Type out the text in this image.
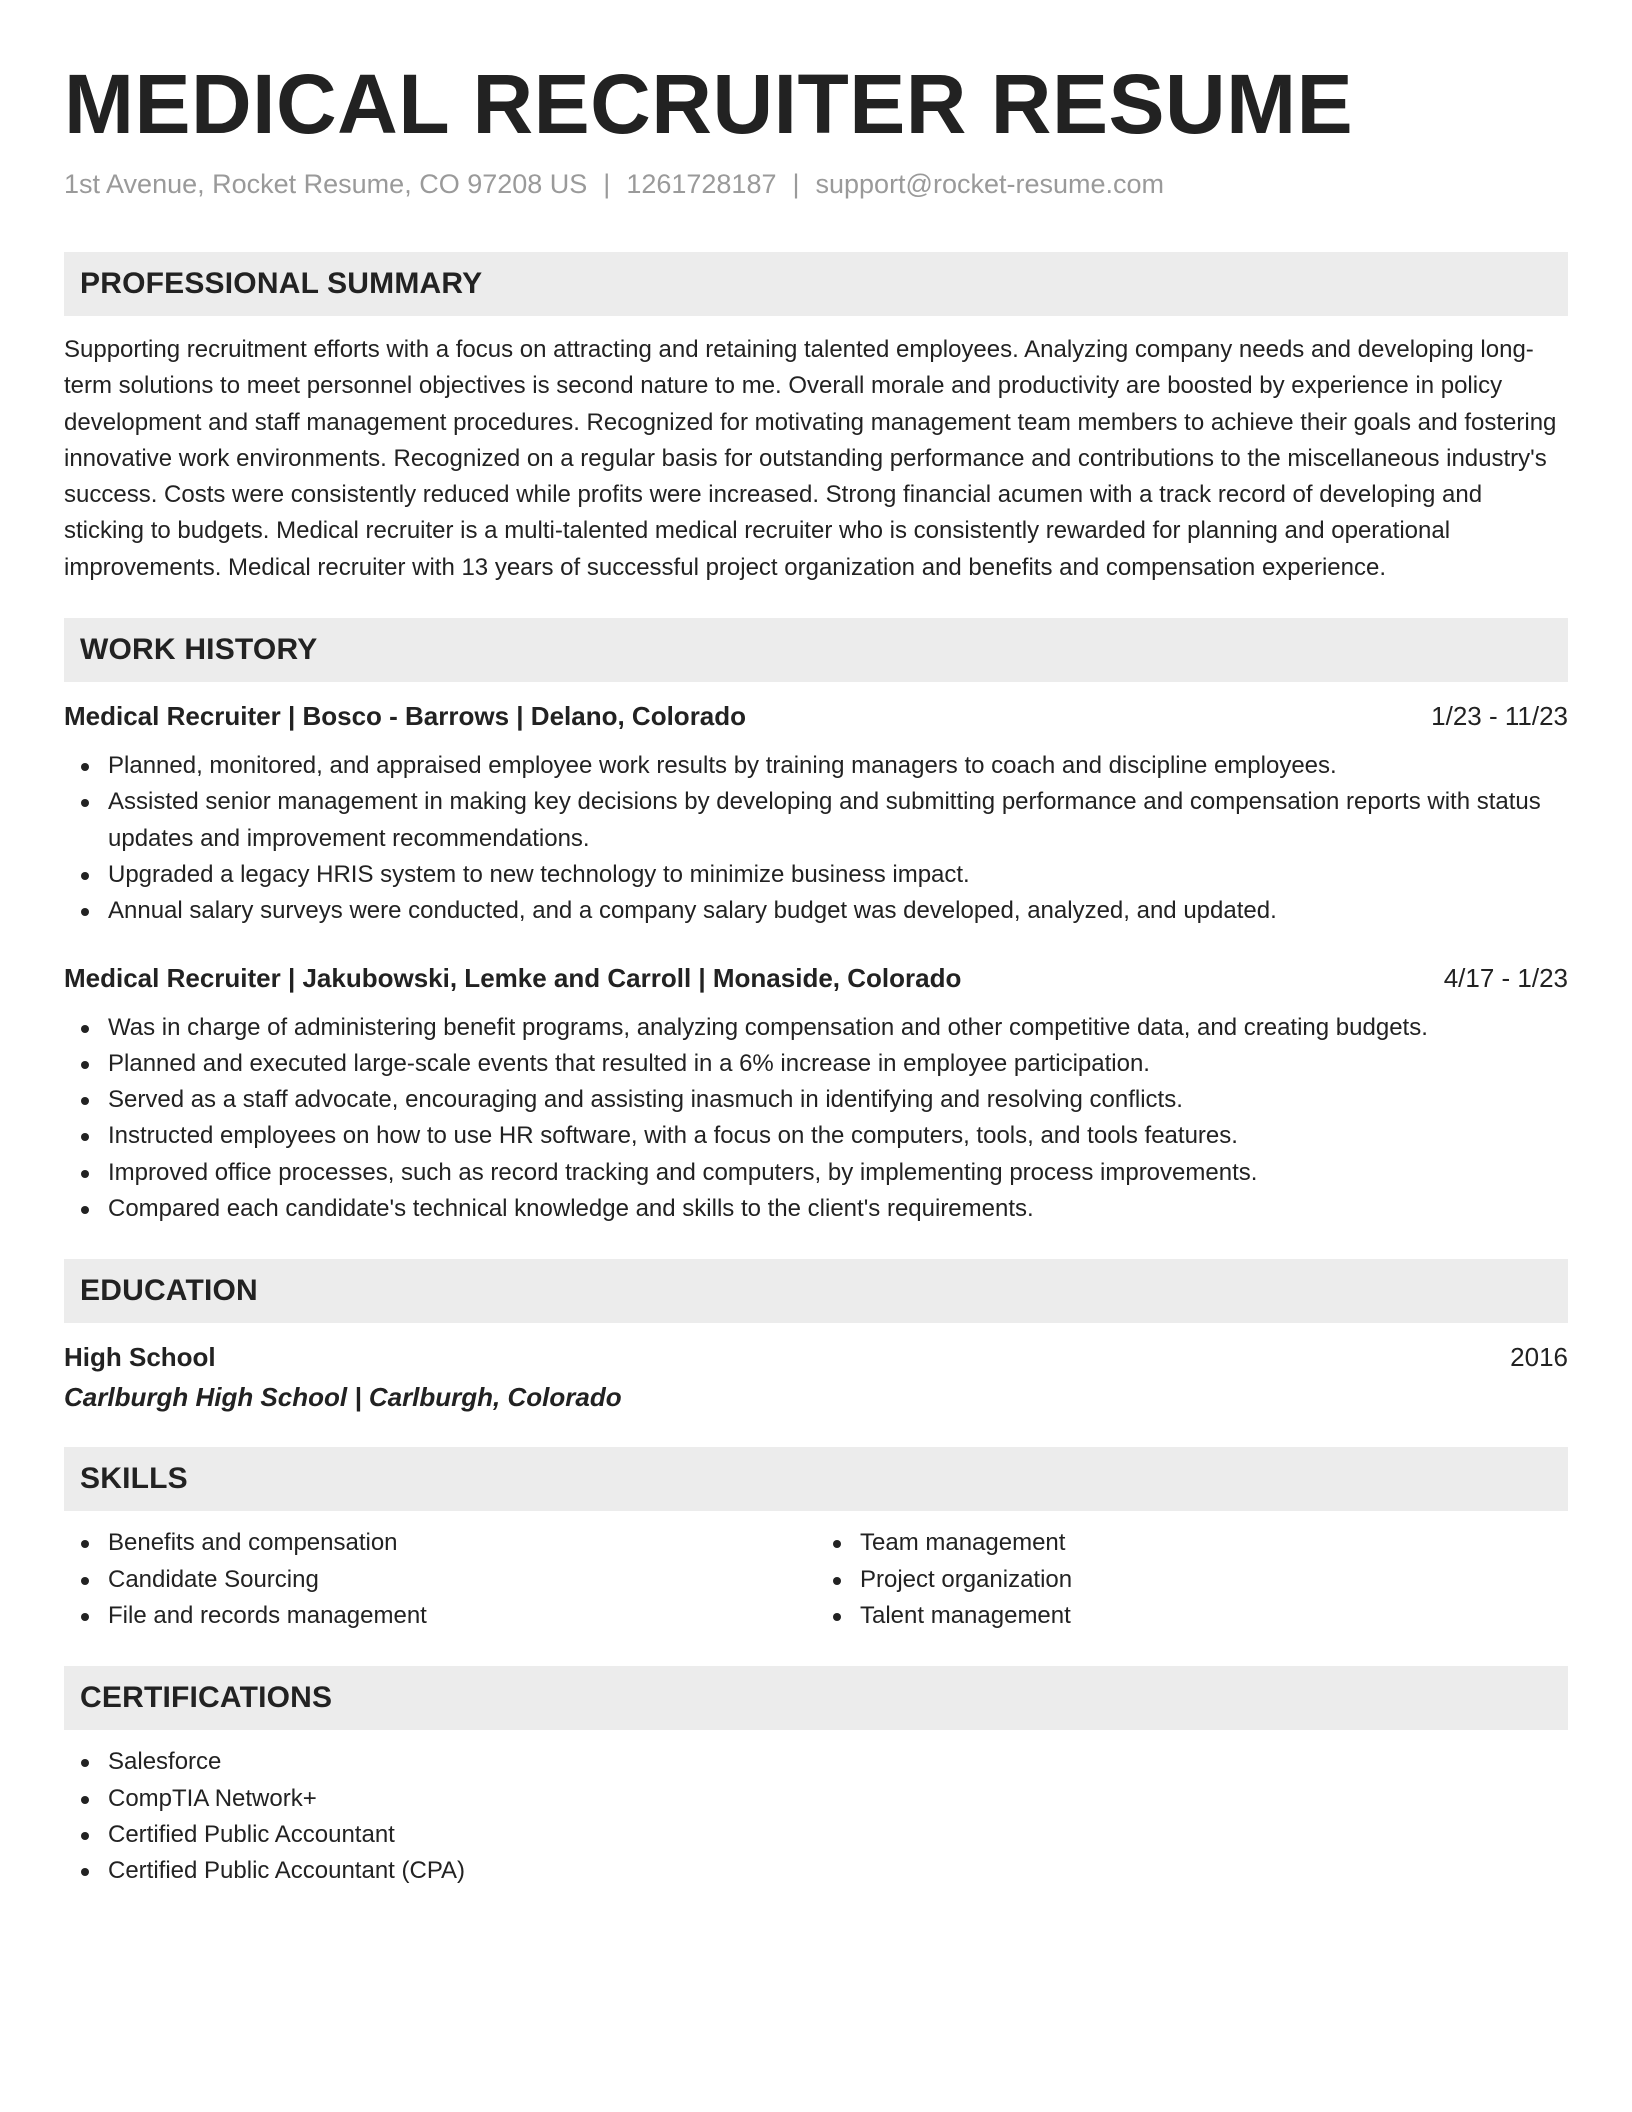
MEDICAL RECRUITER RESUME
1st Avenue, Rocket Resume, CO 97208 US | 1261728187 | support@rocket-resume.com
PROFESSIONAL SUMMARY

Supporting recruitment efforts with a focus on attracting and retaining talented employees. Analyzing company needs and developing long-term solutions to meet personnel objectives is second nature to me. Overall morale and productivity are boosted by experience in policy development and staff management procedures. Recognized for motivating management team members to achieve their goals and fostering innovative work environments. Recognized on a regular basis for outstanding performance and contributions to the miscellaneous industry's success. Costs were consistently reduced while profits were increased. Strong financial acumen with a track record of developing and sticking to budgets. Medical recruiter is a multi-talented medical recruiter who is consistently rewarded for planning and operational improvements. Medical recruiter with 13 years of successful project organization and benefits and compensation experience.

WORK HISTORY
Medical Recruiter | Bosco - Barrows | Delano, Colorado	1/23 - 11/23
Planned, monitored, and appraised employee work results by training managers to coach and discipline employees.
Assisted senior management in making key decisions by developing and submitting performance and compensation reports with status updates and improvement recommendations.
Upgraded a legacy HRIS system to new technology to minimize business impact.
Annual salary surveys were conducted, and a company salary budget was developed, analyzed, and updated.
Medical Recruiter | Jakubowski, Lemke and Carroll | Monaside, Colorado	4/17 - 1/23
Was in charge of administering benefit programs, analyzing compensation and other competitive data, and creating budgets.
Planned and executed large-scale events that resulted in a 6% increase in employee participation.
Served as a staff advocate, encouraging and assisting inasmuch in identifying and resolving conflicts.
Instructed employees on how to use HR software, with a focus on the computers, tools, and tools features.
Improved office processes, such as record tracking and computers, by implementing process improvements.
Compared each candidate's technical knowledge and skills to the client's requirements.
EDUCATION
High School	2016
Carlburgh High School | Carlburgh, Colorado
SKILLS
Benefits and compensation
Candidate Sourcing
File and records management
Team management
Project organization
Talent management
CERTIFICATIONS
Salesforce
CompTIA Network+
Certified Public Accountant
Certified Public Accountant (CPA)
